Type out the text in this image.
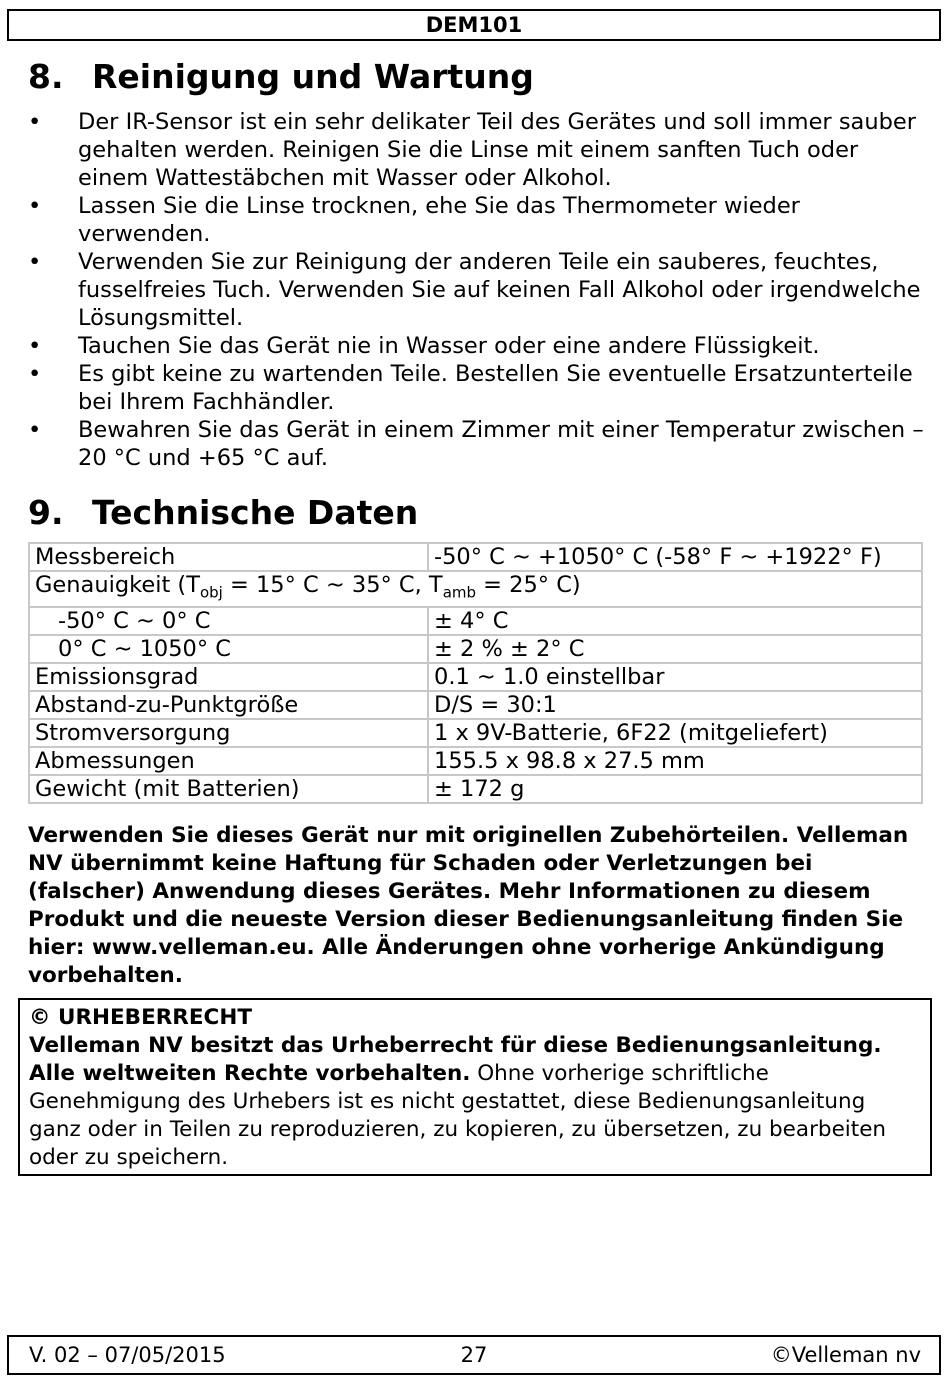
DEM101
8. Reinigung und Wartung
• Der IR-Sensor ist ein sehr delikater Teil des Gerätes und soll immer sauber gehalten werden. Reinigen Sie die Linse mit einem sanften Tuch oder einem Wattestäbchen mit Wasser oder Alkohol.
• Lassen Sie die Linse trocknen, ehe Sie das Thermometer wieder verwenden.
• Verwenden Sie zur Reinigung der anderen Teile ein sauberes, feuchtes, fusselfreies Tuch. Verwenden Sie auf keinen Fall Alkohol oder irgendwelche Lösungsmittel.
• Tauchen Sie das Gerät nie in Wasser oder eine andere Flüssigkeit.
• Es gibt keine zu wartenden Teile. Bestellen Sie eventuelle Ersatzunterteile bei Ihrem Fachhändler.
• Bewahren Sie das Gerät in einem Zimmer mit einer Temperatur zwischen –20 °C und +65 °C auf.
9. Technische Daten
Messbereich	-50° C ~ +1050° C (-58° F ~ +1922° F)
Genauigkeit ($T_{obj} = 15^\circ$ C ~ 35° C, $T_{amb} = 25^\circ$ C)	
-50° C ~ 0° C	± 4° C
0° C ~ 1050° C	± 2 % ± 2° C
Emissionsgrad	0.1 ~ 1.0 einstellbar
Abstand-zu-Punktgröße	D/S = 30:1
Stromversorgung	1 x 9V-Batterie, 6F22 (mitgeliefert)
Abmessungen	155.5 x 98.8 x 27.5 mm
Gewicht (mit Batterien)	± 172 g

Verwenden Sie dieses Gerät nur mit originellen Zubehörteilen. Velleman NV übernimmt keine Haftung für Schaden oder Verletzungen bei (falscher) Anwendung dieses Gerätes. Mehr Informationen zu diesem Produkt und die neueste Version dieser Bedienungsanleitung finden Sie hier: www.velleman.eu. Alle Änderungen ohne vorherige Ankündigung vorbehalten.

© URHEBERRECHT

Velleman NV besitzt das Urheberrecht für diese Bedienungsanleitung. Alle weltweiten Rechte vorbehalten. Ohne vorherige schriftliche Genehmigung des Urhebers ist es nicht gestattet, diese Bedienungsanleitung ganz oder in Teilen zu reproduzieren, zu kopieren, zu übersetzen, zu bearbeiten oder zu speichern.

V. 02 – 07/05/2015	27	©Velleman nv
